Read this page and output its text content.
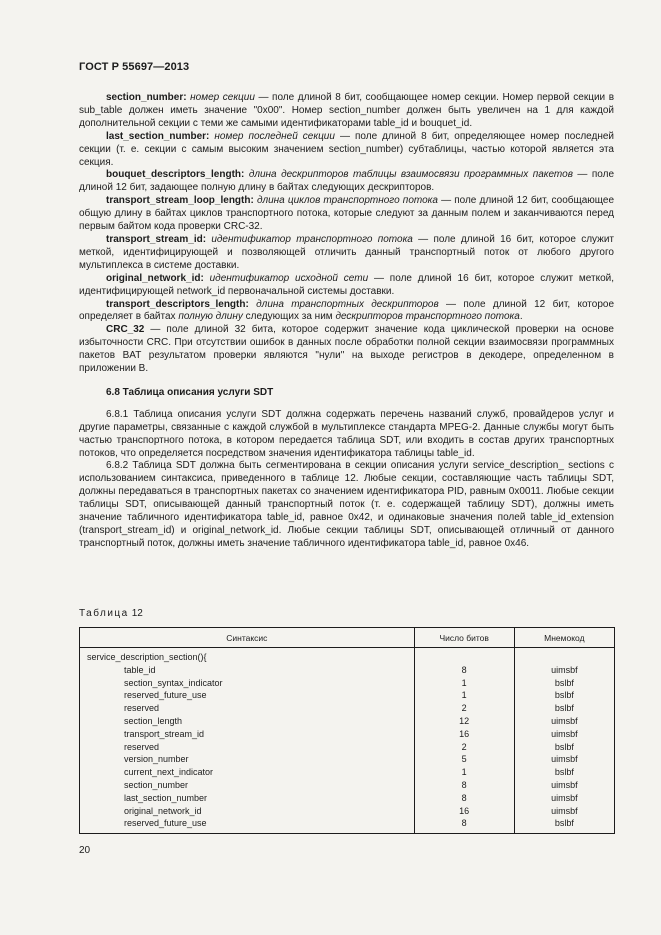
ГОСТ Р 55697—2013

section_number: номер секции — поле длиной 8 бит, сообщающее номер секции. Номер первой секции в sub_table должен иметь значение "0x00". Номер section_number должен быть увеличен на 1 для каждой дополнительной секции с теми же самыми идентификаторами table_id и bouquet_id.

last_section_number: номер последней секции — поле длиной 8 бит, определяющее номер последней секции (т. е. секции с самым высоким значением section_number) субтаблицы, частью которой является эта секция.

bouquet_descriptors_length: длина дескрипторов таблицы взаимосвязи программных пакетов — поле длиной 12 бит, задающее полную длину в байтах следующих дескрипторов.

transport_stream_loop_length: длина циклов транспортного потока — поле длиной 12 бит, сообщающее общую длину в байтах циклов транспортного потока, которые следуют за данным полем и заканчиваются перед первым байтом кода проверки CRC-32.

transport_stream_id: идентификатор транспортного потока — поле длиной 16 бит, которое служит меткой, идентифицирующей и позволяющей отличить данный транспортный поток от любого другого мультиплекса в системе доставки.

original_network_id: идентификатор исходной сети — поле длиной 16 бит, которое служит меткой, идентифицирующей network_id первоначальной системы доставки.

transport_descriptors_length: длина транспортных дескрипторов — поле длиной 12 бит, которое определяет в байтах полную длину следующих за ним дескрипторов транспортного потока.

CRC_32 — поле длиной 32 бита, которое содержит значение кода циклической проверки на основе избыточности CRC. При отсутствии ошибок в данных после обработки полной секции взаимосвязи программных пакетов BAT результатом проверки являются "нули" на выходе регистров в декодере, определенном в приложении B.

6.8 Таблица описания услуги SDT

6.8.1 Таблица описания услуги SDT должна содержать перечень названий служб, провайдеров услуг и другие параметры, связанные с каждой службой в мультиплексе стандарта MPEG-2. Данные службы могут быть частью транспортного потока, в котором передается таблица SDT, или входить в состав других транспортных потоков, что определяется посредством значения идентификатора таблицы table_id.

6.8.2 Таблица SDT должна быть сегментирована в секции описания услуги service_description_ sections с использованием синтаксиса, приведенного в таблице 12. Любые секции, составляющие часть таблицы SDT, должны передаваться в транспортных пакетах со значением идентификатора PID, равным 0x0011. Любые секции таблицы SDT, описывающей данный транспортный поток (т. е. содержащей таблицу SDT), должны иметь значение табличного идентификатора table_id, равное 0x42, и одинаковые значения полей table_id_extension (transport_stream_id) и original_network_id. Любые секции таблицы SDT, описывающей отличный от данного транспортный поток, должны иметь значение табличного идентификатора table_id, равное 0x46.

Таблица 12
Синтаксис	Число битов	Мнемокод
service_description_section(){		
table_id	8	uimsbf
section_syntax_indicator	1	bslbf
reserved_future_use	1	bslbf
reserved	2	bslbf
section_length	12	uimsbf
transport_stream_id	16	uimsbf
reserved	2	bslbf
version_number	5	uimsbf
current_next_indicator	1	bslbf
section_number	8	uimsbf
last_section_number	8	uimsbf
original_network_id	16	uimsbf
reserved_future_use	8	bslbf
20
